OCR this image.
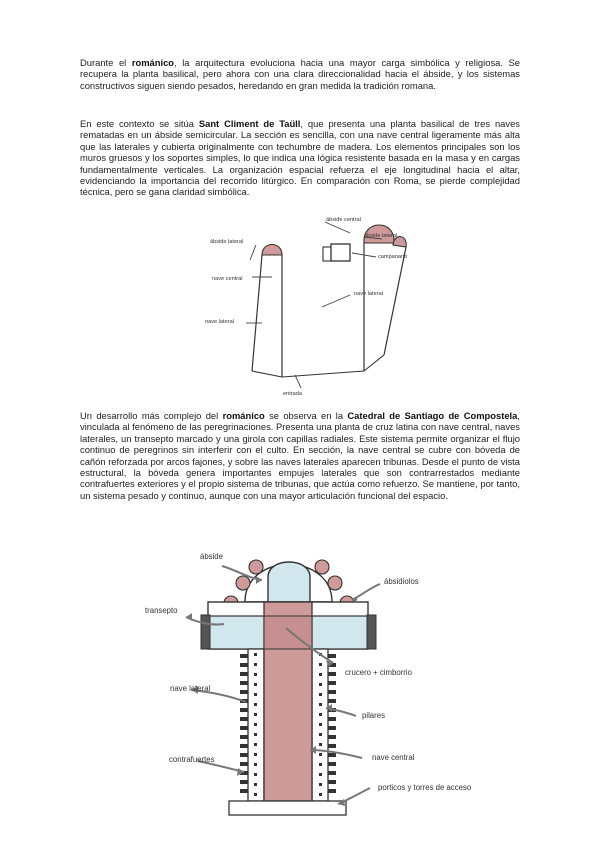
Durante el románico, la arquitectura evoluciona hacia una mayor carga simbólica y religiosa. Se recupera la planta basilical, pero ahora con una clara direccionalidad hacia el ábside, y los sistemas constructivos siguen siendo pesados, heredando en gran medida la tradición romana.

En este contexto se sitúa Sant Climent de Taüll, que presenta una planta basilical de tres naves rematadas en un ábside semicircular. La sección es sencilla, con una nave central ligeramente más alta que las laterales y cubierta originalmente con techumbre de madera. Los elementos principales son los muros gruesos y los soportes simples, lo que indica una lógica resistente basada en la masa y en cargas fundamentalmente verticales. La organización espacial refuerza el eje longitudinal hacia el altar, evidenciando la importancia del recorrido litúrgico. En comparación con Roma, se pierde complejidad técnica, pero se gana claridad simbólica.

ábside central
ábside lateral
ábside lateral
campanario
nave central
nave lateral
nave lateral
entrada

Un desarrollo más complejo del románico se observa en la Catedral de Santiago de Compostela, vinculada al fenómeno de las peregrinaciones. Presenta una planta de cruz latina con nave central, naves laterales, un transepto marcado y una girola con capillas radiales. Este sistema permite organizar el flujo continuo de peregrinos sin interferir con el culto. En sección, la nave central se cubre con bóveda de cañón reforzada por arcos fajones, y sobre las naves laterales aparecen tribunas. Desde el punto de vista estructural, la bóveda genera importantes empujes laterales que son contrarrestados mediante contrafuertes exteriores y el propio sistema de tribunas, que actúa como refuerzo. Se mantiene, por tanto, un sistema pesado y continuo, aunque con una mayor articulación funcional del espacio.

ábside
ábsidiolos
transepto
crucero + cimborrio
nave lateral
pilares
nave central
contrafuertes
porticos y torres de acceso
